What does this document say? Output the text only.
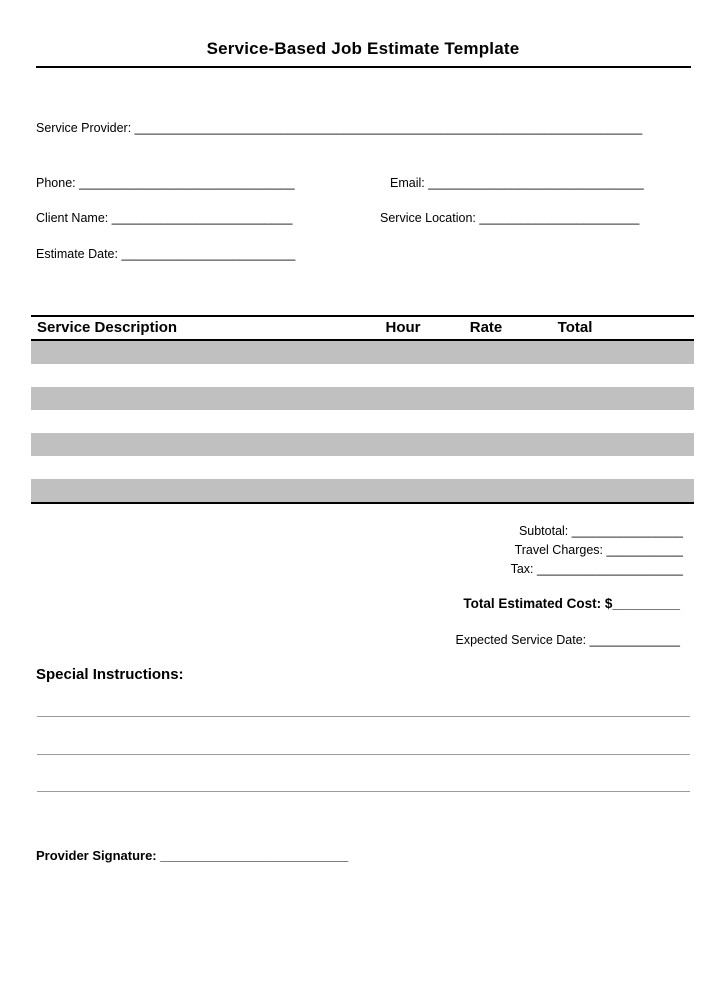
Service-Based Job Estimate Template
Service Provider: _________________________________________________________________________
Phone: _______________________________	Email: _______________________________
Client Name: __________________________	Service Location: _______________________
Estimate Date: _________________________
Service Description	Hour	Rate	Total
Subtotal: ________________
Travel Charges: ___________
Tax: _____________________
Total Estimated Cost: $_________
Expected Service Date: _____________
Special Instructions:
Provider Signature: __________________________
